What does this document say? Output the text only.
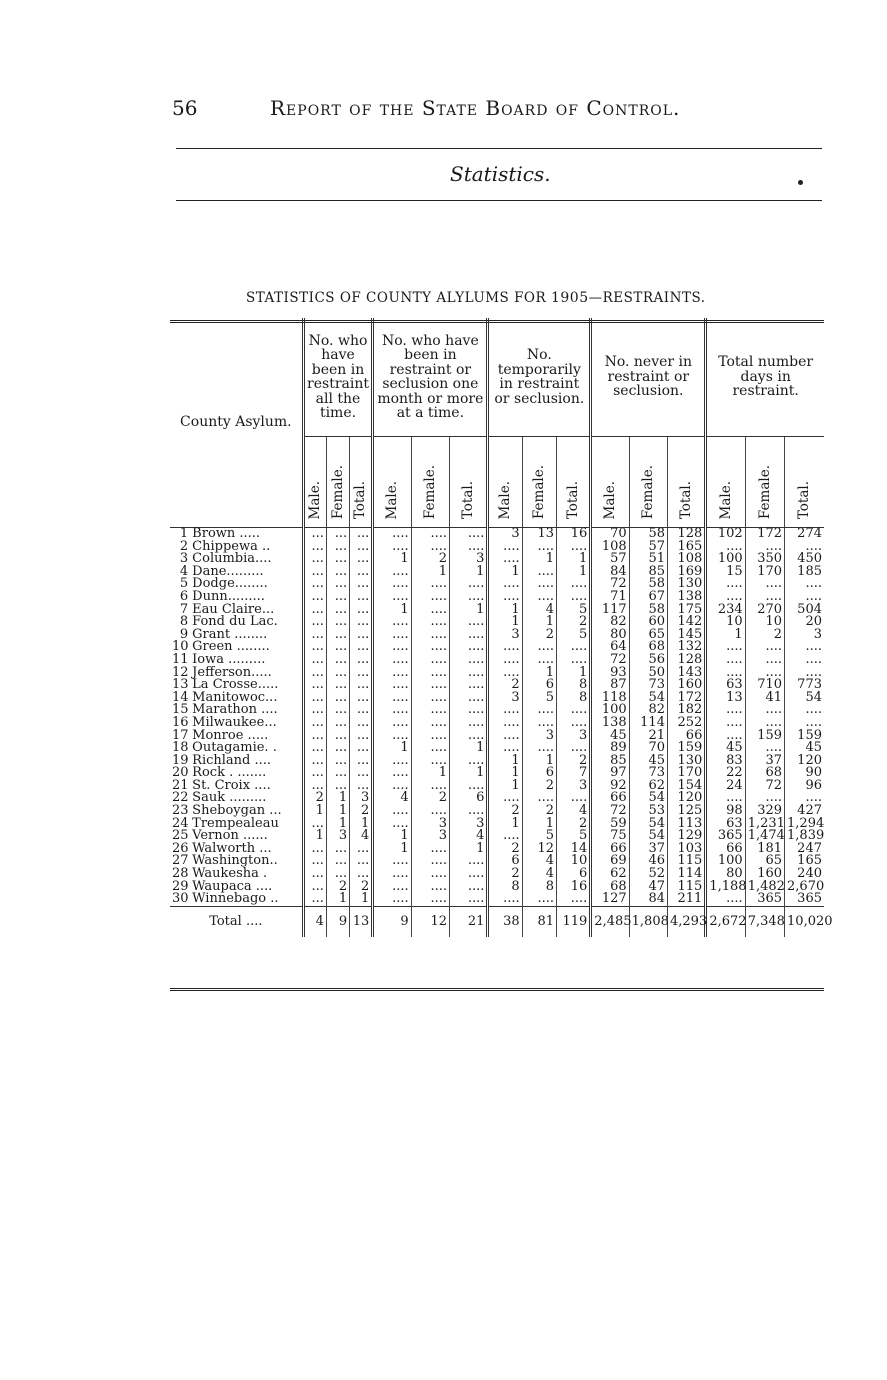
56	Report of the State Board of Control.
Statistics.
STATISTICS OF COUNTY ALYLUMS FOR 1905—RESTRAINTS.
County Asylum.		No. who have been in restraint all the time.			No. who have been in restraint or seclusion one month or more at a time.			No. temporarily in restraint or seclusion.			No. never in restraint or seclusion.			Total number days in restraint.		
		Male.	Female.	Total.	Male.	Female.	Total.	Male.	Female.	Total.	Male.	Female.	Total.	Male.	Female.	Total.
1	Brown .....	...	...	...	....	....	....	3	13	16	70	58	128	102	172	274
2	Chippewa ..	...	...	...	....	....	....	....	....	....	108	57	165	....	....	....
3	Columbia....	...	...	...	1	2	3	....	1	1	57	51	108	100	350	450
4	Dane.........	...	...	...	....	1	1	1	....	1	84	85	169	15	170	185
5	Dodge........	...	...	...	....	....	....	....	....	....	72	58	130	....	....	....
6	Dunn.........	...	...	...	....	....	....	....	....	....	71	67	138	....	....	....
7	Eau Claire...	...	...	...	1	....	1	1	4	5	117	58	175	234	270	504
8	Fond du Lac.	...	...	...	....	....	....	1	1	2	82	60	142	10	10	20
9	Grant ........	...	...	...	....	....	....	3	2	5	80	65	145	1	2	3
10	Green ........	...	...	...	....	....	....	....	....	....	64	68	132	....	....	....
11	Iowa .........	...	...	...	....	....	....	....	....	....	72	56	128	....	....	....
12	Jefferson.....	...	...	...	....	....	....	....	1	1	93	50	143	....	....	....
13	La Crosse.....	...	...	...	....	....	....	2	6	8	87	73	160	63	710	773
14	Manitowoc...	...	...	...	....	....	....	3	5	8	118	54	172	13	41	54
15	Marathon ....	...	...	...	....	....	....	....	....	....	100	82	182	....	....	....
16	Milwaukee...	...	...	...	....	....	....	....	....	....	138	114	252	....	....	....
17	Monroe .....	...	...	...	....	....	....	....	3	3	45	21	66	....	159	159
18	Outagamie. .	...	...	...	1	....	1	....	....	....	89	70	159	45	....	45
19	Richland ....	...	...	...	....	....	....	1	1	2	85	45	130	83	37	120
20	Rock . .......	...	...	...	....	1	1	1	6	7	97	73	170	22	68	90
21	St. Croix ....	...	...	...	....	....	....	1	2	3	92	62	154	24	72	96
22	Sauk .........	2	1	3	4	2	6	....	....	....	66	54	120	....	....	....
23	Sheboygan ...	1	1	2	....	....	....	2	2	4	72	53	125	98	329	427
24	Trempealeau	...	1	1	....	3	3	1	1	2	59	54	113	63	1,231	1,294
25	Vernon ......	1	3	4	1	3	4	....	5	5	75	54	129	365	1,474	1,839
26	Walworth ...	...	...	...	1	....	1	2	12	14	66	37	103	66	181	247
27	Washington..	...	...	...	....	....	....	6	4	10	69	46	115	100	65	165
28	Waukesha .	...	...	...	....	....	....	2	4	6	62	52	114	80	160	240
29	Waupaca ....	...	2	2	....	....	....	8	8	16	68	47	115	1,188	1,482	2,670
30	Winnebago ..	...	1	1	....	....	....	....	....	....	127	84	211	....	365	365
Total ....		4	9	13	9	12	21	38	81	119	2,485	1,808	4,293	2,672	7,348	10,020
